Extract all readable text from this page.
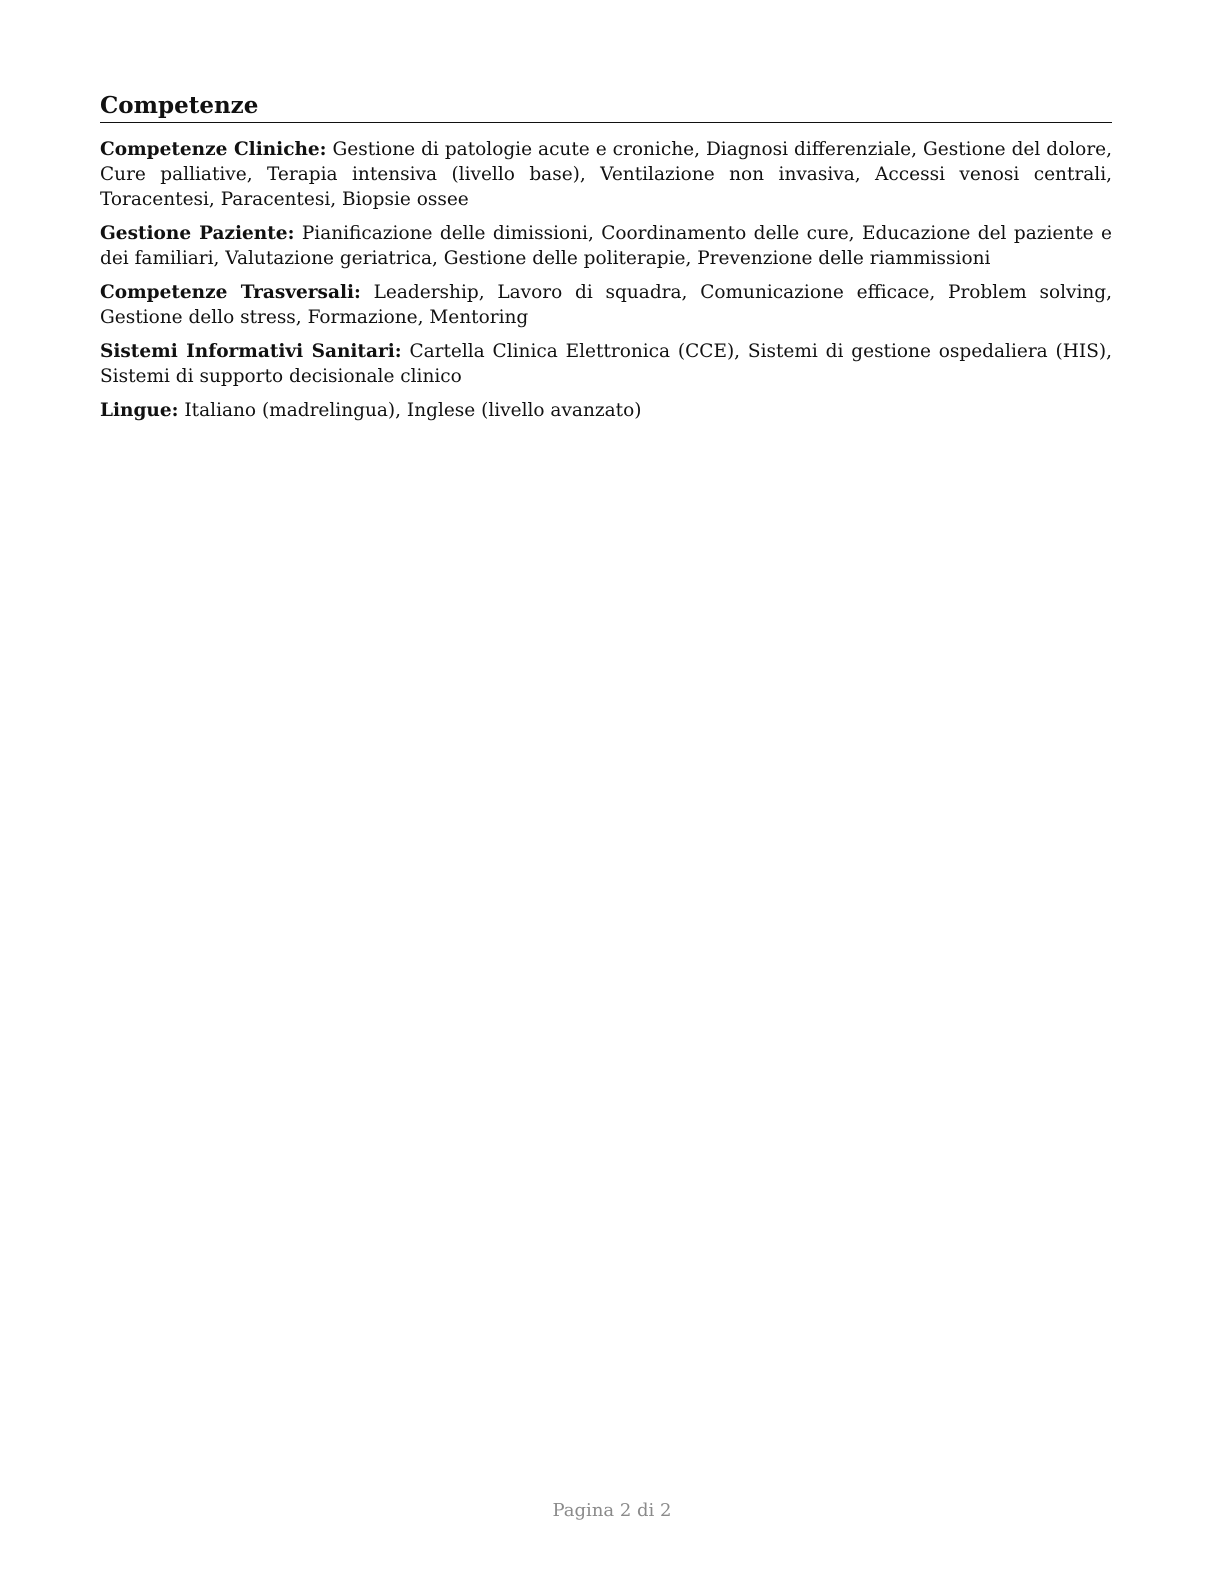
Competenze

Competenze Cliniche: Gestione di patologie acute e croniche, Diagnosi differenziale, Gestione del dolore, Cure palliative, Terapia intensiva (livello base), Ventilazione non invasiva, Accessi venosi centrali, Toracentesi, Paracentesi, Biopsie ossee

Gestione Paziente: Pianificazione delle dimissioni, Coordinamento delle cure, Educazione del paziente e dei familiari, Valutazione geriatrica, Gestione delle politerapie, Prevenzione delle riammissioni

Competenze Trasversali: Leadership, Lavoro di squadra, Comunicazione efficace, Problem solving, Gestione dello stress, Formazione, Mentoring

Sistemi Informativi Sanitari: Cartella Clinica Elettronica (CCE), Sistemi di gestione ospedaliera (HIS), Sistemi di supporto decisionale clinico

Lingue: Italiano (madrelingua), Inglese (livello avanzato)

Pagina 2 di 2
